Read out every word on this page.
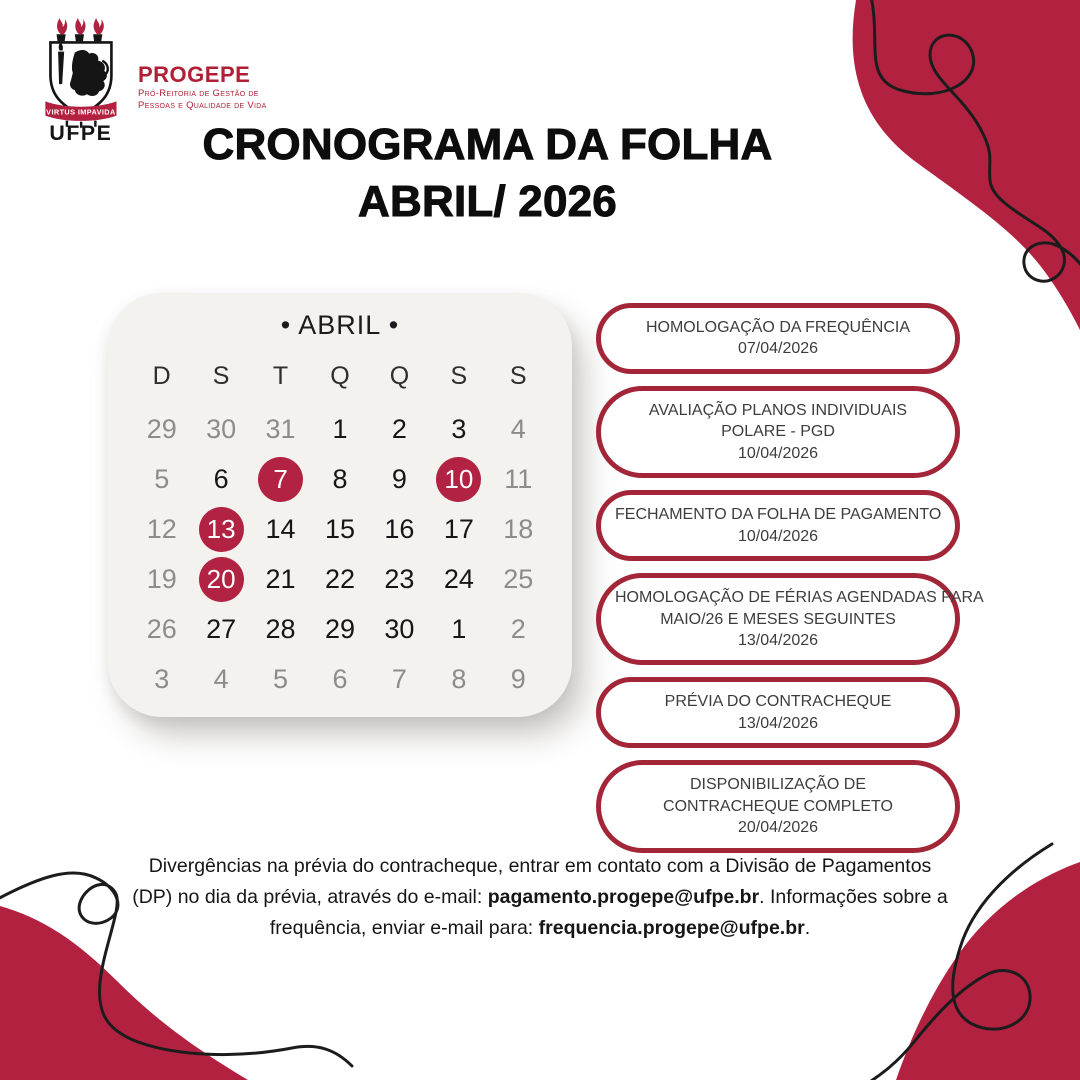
VIRTUS IMPAVIDA
UFPE
PROGEPE
Pró-Reitoria de Gestão de
Pessoas e Qualidade de Vida
CRONOGRAMA DA FOLHA
ABRIL/ 2026
• ABRIL •
D S T Q Q S S
29 30 31 1 2 3 4
5 6	7	8 9	10 11
12	13 14 15 16 17 18
19	20 21 22 23 24 25
26 27 28 29 30 1 2
3 4 5 6 7 8 9
HOMOLOGAÇÃO DA FREQUÊNCIA
07/04/2026
AVALIAÇÃO PLANOS INDIVIDUAIS
POLARE - PGD
10/04/2026
FECHAMENTO DA FOLHA DE PAGAMENTO
10/04/2026
HOMOLOGAÇÃO DE FÉRIAS AGENDADAS PARA
MAIO/26 E MESES SEGUINTES
13/04/2026
PRÉVIA DO CONTRACHEQUE
13/04/2026
DISPONIBILIZAÇÃO DE
CONTRACHEQUE COMPLETO
20/04/2026
Divergências na prévia do contracheque, entrar em contato com a Divisão de Pagamentos (DP) no dia da prévia, através do e-mail: pagamento.progepe@ufpe.br. Informações sobre a frequência, enviar e-mail para: frequencia.progepe@ufpe.br.
